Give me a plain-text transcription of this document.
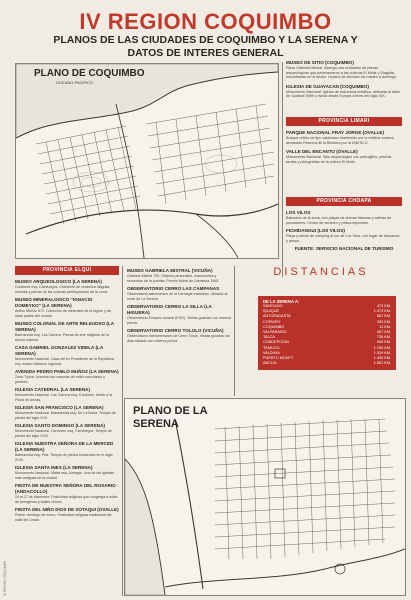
IV REGION COQUIMBO
PLANOS DE LAS CIUDADES DE COQUIMBO Y LA SERENA Y
DATOS DE INTERES GENERAL
OCEANO PACIFICO
PLANO DE COQUIMBO
MUSEO DE SITIO (COQUIMBO)
Plaza Gabriela Mistral. Alberga una exhibición de piezas arqueológicas que pertenecieron a las culturas El Molle y Diaguita, encontradas en el sector. Horario de atención de martes a domingo.
IGLESIA DE GUAYACAN (COQUIMBO)
Monumento Nacional. Iglesia de estructura metálica, atribuida al taller de Gustave Eiffel y traída desde Europa a fines del siglo XIX.
PROVINCIA LIMARI
PARQUE NACIONAL FRAY JORGE (OVALLE)
Bosque relicto de tipo valdiviano mantenido por la neblina costera, declarado Reserva de la Biósfera por la UNESCO.
VALLE DEL ENCANTO (OVALLE)
Monumento Nacional. Sitio arqueológico con petroglifos, piedras tacitas y pictografías de la cultura El Molle.
PROVINCIA CHOAPA
LOS VILOS
Balneario de la zona, con playas de arenas blancas y caletas de pescadores. Centro de veraneo y pesca deportiva.
FICHIDANGUI (LOS VILOS)
Playa y sector de camping al sur de Los Vilos, con lugar de descanso y pesca.
FUENTE: SERVICIO NACIONAL DE TURISMO
PROVINCIA ELQUI
MUSEO ARQUEOLOGICO (LA SERENA)
Cordovez esq. Cienfuegos. Colección de cerámica diaguita, momias y piezas de las culturas prehispánicas de la zona.
MUSEO MINERALOGICO "IGNACIO DOMEYKO" (LA SERENA)
Anfión Muñoz 870. Colección de minerales de la región y de otras partes del mundo.
MUSEO COLONIAL DE ARTE RELIGIOSO (LA SERENA)
Balmaceda esq. Los Carrera. Piezas de arte religioso de la época colonial.
CASA GABRIEL GONZALEZ VIDELA (LA SERENA)
Monumento Nacional. Casa del ex Presidente de la República, hoy museo histórico regional.
AVENIDA PEDRO PABLO MUÑOZ (LA SERENA)
Zona Típica. Avenida con casonas de estilo neoclásico y jardines.
IGLESIA CATEDRAL (LA SERENA)
Monumento Nacional. Los Carrera esq. Cordovez, frente a la Plaza de Armas.
IGLESIA SAN FRANCISCO (LA SERENA)
Monumento Nacional. Balmaceda esq. De La Barra. Templo de piedra del siglo XVII.
IGLESIA SANTO DOMINGO (LA SERENA)
Monumento Nacional. Cordovez esq. Cienfuegos. Templo de piedra del siglo XVIII.
IGLESIA NUESTRA SEÑORA DE LA MERCED (LA SERENA)
Balmaceda esq. Prat. Templo de piedra construido en el siglo XVIII.
IGLESIA SANTA INES (LA SERENA)
Monumento Nacional. Matta esq. Almagro. Una de las iglesias más antiguas de la ciudad.
FIESTA DE NUESTRA SEÑORA DEL ROSARIO (ANDACOLLO)
24 al 27 de diciembre. Festividad religiosa que congrega a miles de peregrinos y bailes chinos.
FIESTA DEL NIÑO DIOS DE SOTAQUI (OVALLE)
Primer domingo de enero. Festividad religiosa tradicional del valle del Limarí.
MUSEO GABRIELA MISTRAL (VICUÑA)
Gabriela Mistral 759. Objetos personales, manuscritos y recuerdos de la poetisa, Premio Nobel de Literatura 1945.
OBSERVATORIO CERRO LAS CAMPANAS
Observatorio astronómico de la Carnegie Institution, ubicado al norte de La Serena.
OBSERVATORIO CERRO LA SILLA (LA HIGUERA)
Observatorio Europeo Austral (ESO). Visitas guiadas con reserva previa.
OBSERVATORIO CERRO TOLOLO (VICUÑA)
Observatorio Interamericano de Cerro Tololo. Visitas guiadas los días sábado con reserva previa.
DISTANCIAS
DE LA SERENA A:
SANTIAGO	473 KM.
IQUIQUE	1.373 KM.
ANTOFAGASTA	887 KM.
COPIAPO	333 KM.
COQUIMBO	11 KM.
VALPARAISO	457 KM.
TALCA	730 KM.
CONCEPCION	990 KM.
TEMUCO	1.150 KM.
VALDIVIA	1.310 KM.
PUERTO MONTT	1.490 KM.
ANCUD	1.557 KM.
PLANO DE LA
SERENA
IV REGION COQUIMBO
